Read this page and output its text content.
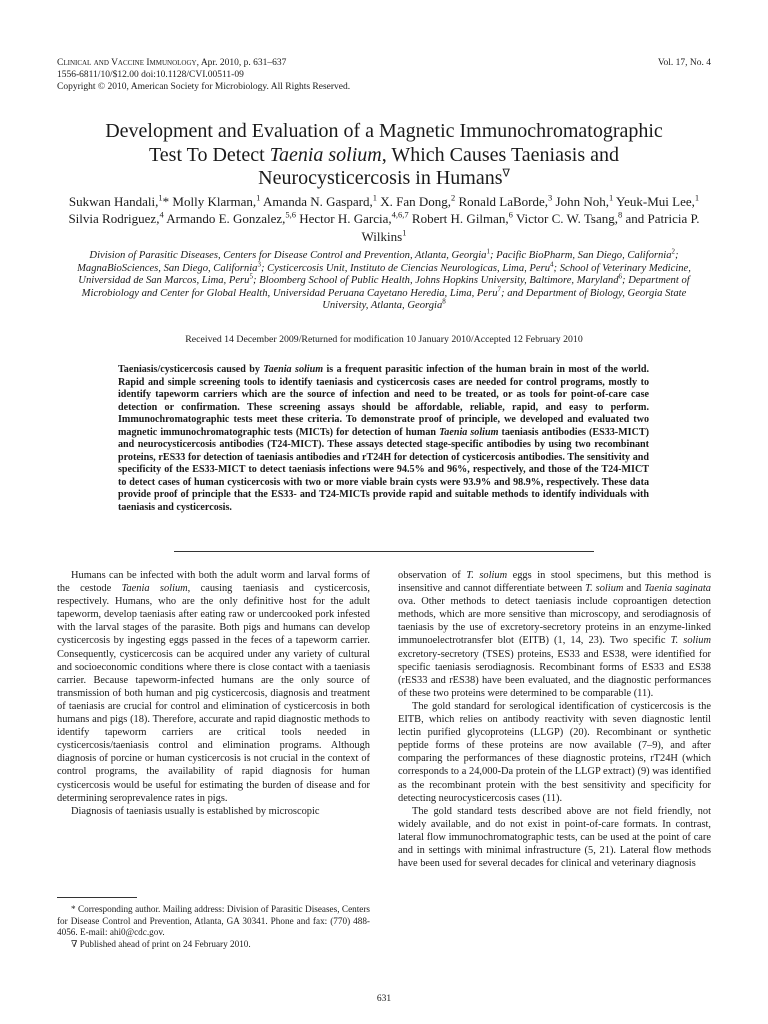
Clinical and Vaccine Immunology, Apr. 2010, p. 631–637
1556-6811/10/$12.00 doi:10.1128/CVI.00511-09
Copyright © 2010, American Society for Microbiology. All Rights Reserved.
Vol. 17, No. 4
Development and Evaluation of a Magnetic Immunochromatographic
Test To Detect Taenia solium, Which Causes Taeniasis and
Neurocysticercosis in Humans∇
Sukwan Handali,$^1$* Molly Klarman,$^1$ Amanda N. Gaspard,$^1$ X. Fan Dong,$^2$ Ronald LaBorde,$^3$ John Noh,$^1$ Yeuk-Mui Lee,$^1$ Silvia Rodriguez,$^4$ Armando E. Gonzalez,$^{5,6}$ Hector H. Garcia,$^{4,6,7}$ Robert H. Gilman,$^6$ Victor C. W. Tsang,$^8$ and Patricia P. Wilkins$^1$
Division of Parasitic Diseases, Centers for Disease Control and Prevention, Atlanta, Georgia$^1$; Pacific BioPharm, San Diego, California$^2$; MagnaBioSciences, San Diego, California$^3$; Cysticercosis Unit, Instituto de Ciencias Neurologicas, Lima, Peru$^4$; School of Veterinary Medicine, Universidad de San Marcos, Lima, Peru$^5$; Bloomberg School of Public Health, Johns Hopkins University, Baltimore, Maryland$^6$; Department of Microbiology and Center for Global Health, Universidad Peruana Cayetano Heredia, Lima, Peru$^7$; and Department of Biology, Georgia State University, Atlanta, Georgia$^8$
Received 14 December 2009/Returned for modification 10 January 2010/Accepted 12 February 2010

Taeniasis/cysticercosis caused by Taenia solium is a frequent parasitic infection of the human brain in most of the world. Rapid and simple screening tools to identify taeniasis and cysticercosis cases are needed for control programs, mostly to identify tapeworm carriers which are the source of infection and need to be treated, or as tools for point-of-care case detection or confirmation. These screening assays should be affordable, reliable, rapid, and easy to perform. Immunochromatographic tests meet these criteria. To demonstrate proof of principle, we developed and evaluated two magnetic immunochromatographic tests (MICTs) for detection of human Taenia solium taeniasis antibodies (ES33-MICT) and neurocysticercosis antibodies (T24-MICT). These assays detected stage-specific antibodies by using two recombinant proteins, rES33 for detection of taeniasis antibodies and rT24H for detection of cysticercosis antibodies. The sensitivity and specificity of the ES33-MICT to detect taeniasis infections were 94.5% and 96%, respectively, and those of the T24-MICT to detect cases of human cysticercosis with two or more viable brain cysts were 93.9% and 98.9%, respectively. These data provide proof of principle that the ES33- and T24-MICTs provide rapid and suitable methods to identify individuals with taeniasis and cysticercosis.

Humans can be infected with both the adult worm and larval forms of the cestode Taenia solium, causing taeniasis and cysticercosis, respectively. Humans, who are the only definitive host for the adult tapeworm, develop taeniasis after eating raw or undercooked pork infested with the larval stages of the parasite. Both pigs and humans can develop cysticercosis by ingesting eggs passed in the feces of a tapeworm carrier. Consequently, cysticercosis can be acquired under any variety of cultural and socioeconomic conditions where there is close contact with a taeniasis carrier. Because tapeworm-infected humans are the only source of transmission of both human and pig cysticercosis, diagnosis and treatment of taeniasis are crucial for control and elimination of cysticercosis in both humans and pigs (18). Therefore, accurate and rapid diagnostic methods to identify tapeworm carriers are critical tools needed in cysticercosis/taeniasis control and elimination programs. Although diagnosis of porcine or human cysticercosis is not crucial in the context of control programs, the availability of rapid diagnosis for human cysticercosis would be useful for estimating the burden of disease and for determining seroprevalence rates in pigs.

Diagnosis of taeniasis usually is established by microscopic

* Corresponding author. Mailing address: Division of Parasitic Diseases, Centers for Disease Control and Prevention, Atlanta, GA 30341. Phone and fax: (770) 488-4056. E-mail: ahi0@cdc.gov.

∇ Published ahead of print on 24 February 2010.

observation of T. solium eggs in stool specimens, but this method is insensitive and cannot differentiate between T. solium and Taenia saginata ova. Other methods to detect taeniasis include coproantigen detection methods, which are more sensitive than microscopy, and serodiagnosis of taeniasis by the use of excretory-secretory proteins in an enzyme-linked immunoelectrotransfer blot (EITB) (1, 14, 23). Two specific T. solium excretory-secretory (TSES) proteins, ES33 and ES38, were identified for specific taeniasis serodiagnosis. Recombinant forms of ES33 and ES38 (rES33 and rES38) have been evaluated, and the diagnostic performances of these two proteins were determined to be comparable (11).

The gold standard for serological identification of cysticercosis is the EITB, which relies on antibody reactivity with seven diagnostic lentil lectin purified glycoproteins (LLGP) (20). Recombinant or synthetic peptide forms of these proteins are now available (7–9), and after comparing the performances of these diagnostic proteins, rT24H (which corresponds to a 24,000-Da protein of the LLGP extract) (9) was identified as the recombinant protein with the best sensitivity and specificity for detecting neurocysticercosis cases (11).

The gold standard tests described above are not field friendly, not widely available, and do not exist in point-of-care formats. In contrast, lateral flow immunochromatographic tests, can be used at the point of care and in settings with minimal infrastructure (5, 21). Lateral flow methods have been used for several decades for clinical and veterinary diagnosis

631
